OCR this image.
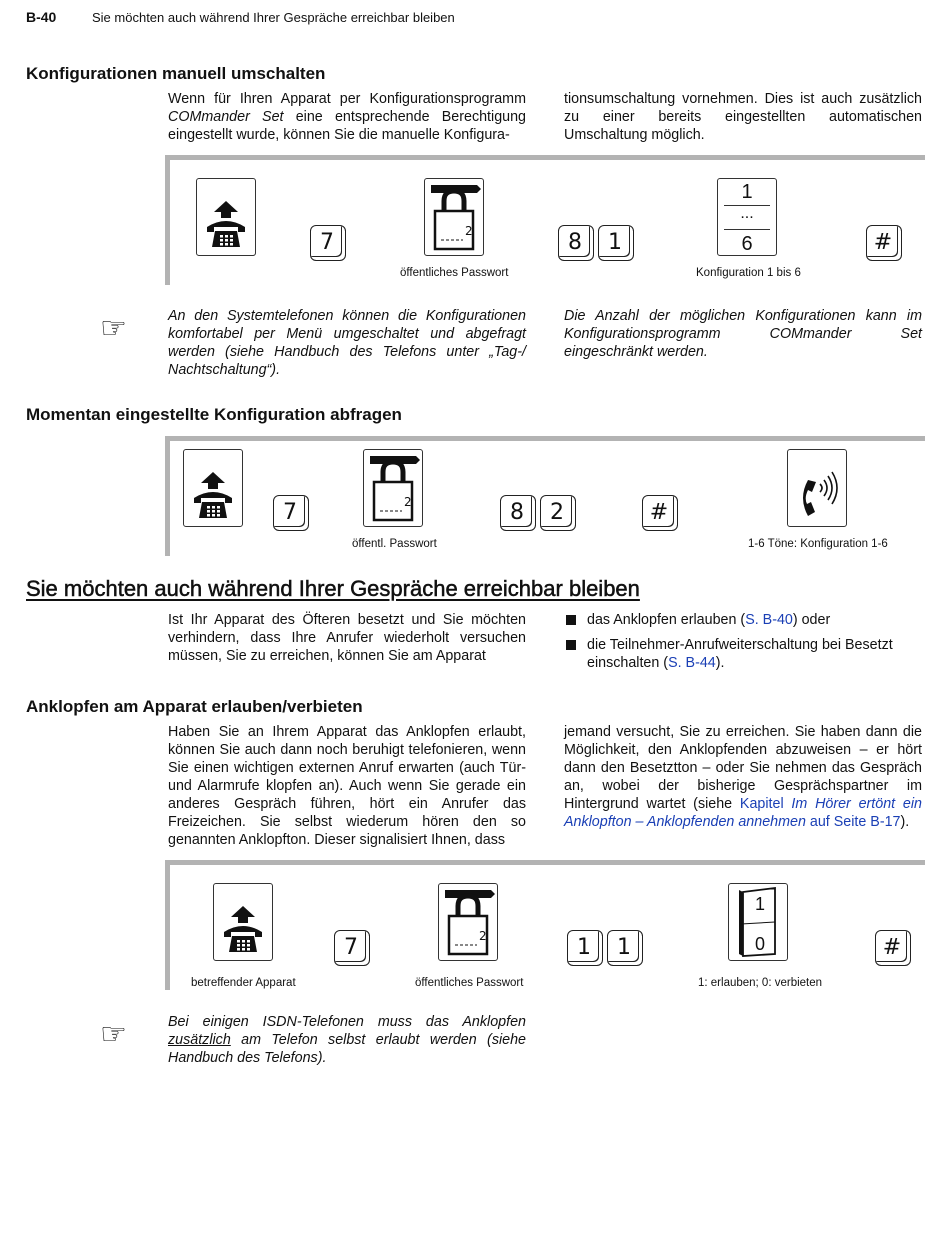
B-40	Sie möchten auch während Ihrer Gespräche erreichbar bleiben
Konfigurationen manuell umschalten
Wenn für Ihren Apparat per Konfigurationsprogramm COMmander Set eine entsprechende Berechtigung eingestellt wurde, können Sie die manuelle Konfigura-
tionsumschaltung vornehmen. Dies ist auch zusätzlich zu einer bereits eingestellten automatischen Umschaltung möglich.
7	2	8 1
1
...
6	#
öffentliches Passwort	Konfiguration 1 bis 6
☞	An den Systemtelefonen können die Konfigurationen komfortabel per Menü umgeschaltet und abgefragt werden (siehe Handbuch des Telefons unter „Tag-/ Nachtschaltung“).
Die Anzahl der möglichen Konfigurationen kann im Konfigurationsprogramm COMmander Set eingeschränkt werden.
Momentan eingestellte Konfiguration abfragen
7	2	8 2	#
öffentl. Passwort	1-6 Töne: Konfiguration 1-6
Sie möchten auch während Ihrer Gespräche erreichbar bleiben
Ist Ihr Apparat des Öfteren besetzt und Sie möchten verhindern, dass Ihre Anrufer wiederholt versuchen müssen, Sie zu erreichen, können Sie am Apparat
das Anklopfen erlauben (S. B-40) oder
die Teilnehmer-Anrufweiterschaltung bei Besetzt einschalten (S. B-44).
Anklopfen am Apparat erlauben/verbieten
Haben Sie an Ihrem Apparat das Anklopfen erlaubt, können Sie auch dann noch beruhigt telefonieren, wenn Sie einen wichtigen externen Anruf erwarten (auch Tür- und Alarmrufe klopfen an). Auch wenn Sie gerade ein anderes Gespräch führen, hört ein Anrufer das Freizeichen. Sie selbst wiederum hören den so genannten Anklopfton. Dieser signalisiert Ihnen, dass
jemand versucht, Sie zu erreichen. Sie haben dann die Möglichkeit, den Anklopfenden abzuweisen – er hört dann den Besetztton – oder Sie nehmen das Gespräch an, wobei der bisherige Gesprächspartner im Hintergrund wartet (siehe Kapitel Im Hörer ertönt ein Anklopfton – Anklopfenden annehmen auf Seite B-17).
7	2	1 1
1
0	#
betreffender Apparat	öffentliches Passwort	1: erlauben; 0: verbieten
☞	Bei einigen ISDN-Telefonen muss das Anklopfen zusätzlich am Telefon selbst erlaubt werden (siehe Handbuch des Telefons).
